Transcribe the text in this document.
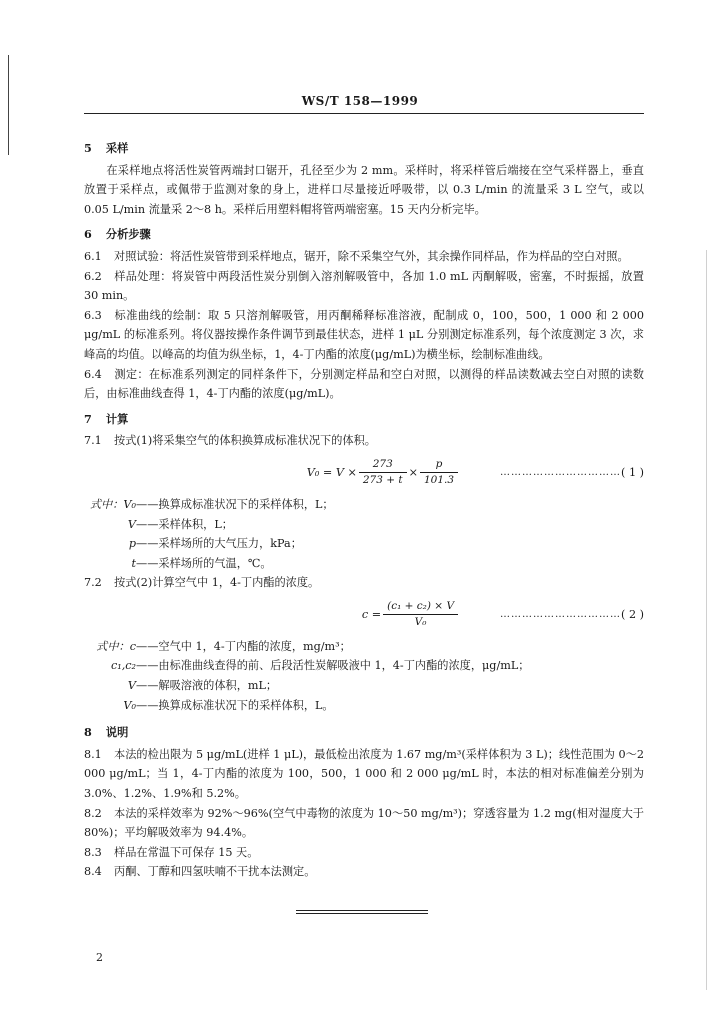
WS/T 158—1999
5 采样

在采样地点将活性炭管两端封口锯开，孔径至少为 2 mm。采样时，将采样管后端接在空气采样器上，垂直放置于采样点，或佩带于监测对象的身上，进样口尽量接近呼吸带，以 0.3 L/min 的流量采 3 L 空气，或以 0.05 L/min 流量采 2～8 h。采样后用塑料帽将管两端密塞。15 天内分析完毕。

6 分析步骤

6.1 对照试验：将活性炭管带到采样地点，锯开，除不采集空气外，其余操作同样品，作为样品的空白对照。

6.2 样品处理：将炭管中两段活性炭分别倒入溶剂解吸管中，各加 1.0 mL 丙酮解吸，密塞，不时振摇，放置 30 min。

6.3 标准曲线的绘制：取 5 只溶剂解吸管，用丙酮稀释标准溶液，配制成 0，100，500，1 000 和 2 000 μg/mL 的标准系列。将仪器按操作条件调节到最佳状态，进样 1 μL 分别测定标准系列，每个浓度测定 3 次，求峰高的均值。以峰高的均值为纵坐标，1，4-丁内酯的浓度(μg/mL)为横坐标，绘制标准曲线。

6.4 测定：在标准系列测定的同样条件下，分别测定样品和空白对照，以测得的样品读数减去空白对照的读数后，由标准曲线查得 1，4-丁内酯的浓度(μg/mL)。

7 计算

7.1 按式(1)将采集空气的体积换算成标准状况下的体积。

$V_0 = V \times \frac{273}{273 + t} \times \frac{p}{101.3}$	…………………………… ( 1 )
式中：V₀ ——换算成标准状况下的采样体积，L；
V ——采样体积，L；
p ——采样场所的大气压力，kPa；
t ——采样场所的气温，℃。

7.2 按式(2)计算空气中 1，4-丁内酯的浓度。

$c = \frac{\text{(c₁ + c₂) × V}}{\text{V₀}}$	…………………………… ( 2 )
式中：c ——空气中 1，4-丁内酯的浓度，mg/m³；
c₁,c₂ ——由标准曲线查得的前、后段活性炭解吸液中 1，4-丁内酯的浓度，μg/mL；
V ——解吸溶液的体积，mL；
V₀ ——换算成标准状况下的采样体积，L。
8 说明

8.1 本法的检出限为 5 μg/mL(进样 1 μL)，最低检出浓度为 1.67 mg/m³(采样体积为 3 L)；线性范围为 0～2 000 μg/mL；当 1，4-丁内酯的浓度为 100，500，1 000 和 2 000 μg/mL 时，本法的相对标准偏差分别为 3.0%、1.2%、1.9%和 5.2%。

8.2 本法的采样效率为 92%～96%(空气中毒物的浓度为 10～50 mg/m³)；穿透容量为 1.2 mg(相对湿度大于 80%)；平均解吸效率为 94.4%。

8.3 样品在常温下可保存 15 天。

8.4 丙酮、丁醇和四氢呋喃不干扰本法测定。

2
